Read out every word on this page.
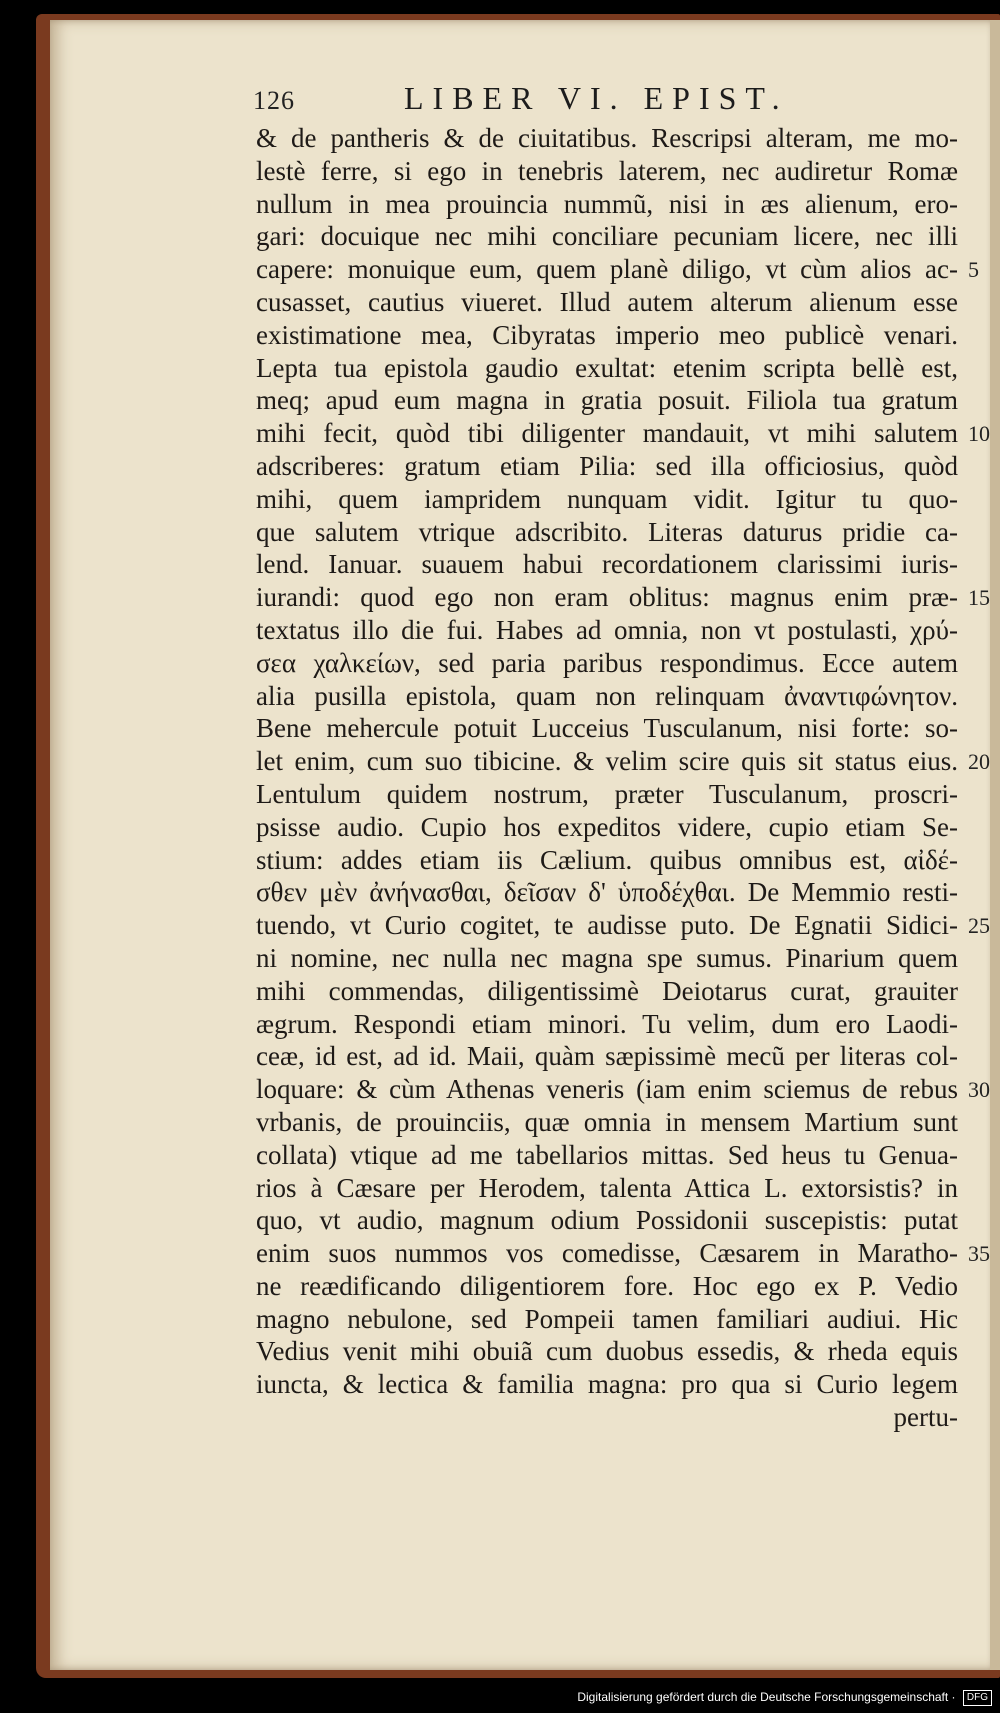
126	LIBER VI. EPIST.
& de pantheris & de ciuitatibus. Rescripsi alteram, me mo-
lestè ferre, si ego in tenebris laterem, nec audiretur Romæ
nullum in mea prouincia nummũ, nisi in æs alienum, ero-
gari: docuique nec mihi conciliare pecuniam licere, nec illi
capere: monuique eum, quem planè diligo, vt cùm alios ac-
cusasset, cautius viueret. Illud autem alterum alienum esse
existimatione mea, Cibyratas imperio meo publicè venari.
Lepta tua epistola gaudio exultat: etenim scripta bellè est,
meq; apud eum magna in gratia posuit. Filiola tua gratum
mihi fecit, quòd tibi diligenter mandauit, vt mihi salutem
adscriberes: gratum etiam Pilia: sed illa officiosius, quòd
mihi, quem iampridem nunquam vidit. Igitur tu quo-
que salutem vtrique adscribito. Literas daturus pridie ca-
lend. Ianuar. suauem habui recordationem clarissimi iuris-
iurandi: quod ego non eram oblitus: magnus enim præ-
textatus illo die fui. Habes ad omnia, non vt postulasti, χρύ-
σεα χαλκείων, sed paria paribus respondimus. Ecce autem
alia pusilla epistola, quam non relinquam ἀναντιφώνητον.
Bene mehercule potuit Lucceius Tusculanum, nisi forte: so-
let enim, cum suo tibicine. & velim scire quis sit status eius.
Lentulum quidem nostrum, præter Tusculanum, proscri-
psisse audio. Cupio hos expeditos videre, cupio etiam Se-
stium: addes etiam iis Cælium. quibus omnibus est, αἰδέ-
σθεν μὲν ἀνήνασθαι, δεῖσαν δ' ὑποδέχθαι. De Memmio resti-
tuendo, vt Curio cogitet, te audisse puto. De Egnatii Sidici-
ni nomine, nec nulla nec magna spe sumus. Pinarium quem
mihi commendas, diligentissimè Deiotarus curat, grauiter
ægrum. Respondi etiam minori. Tu velim, dum ero Laodi-
ceæ, id est, ad id. Maii, quàm sæpissimè mecũ per literas col-
loquare: & cùm Athenas veneris (iam enim sciemus de rebus
vrbanis, de prouinciis, quæ omnia in mensem Martium sunt
collata) vtique ad me tabellarios mittas. Sed heus tu Genua-
rios à Cæsare per Herodem, talenta Attica L. extorsistis? in
quo, vt audio, magnum odium Possidonii suscepistis: putat
enim suos nummos vos comedisse, Cæsarem in Maratho-
ne reædificando diligentiorem fore. Hoc ego ex P. Vedio
magno nebulone, sed Pompeii tamen familiari audiui. Hic
Vedius venit mihi obuiã cum duobus essedis, & rheda equis
iuncta, & lectica & familia magna: pro qua si Curio legem
pertu-
5
10
15
20
25
30
35
Digitalisierung gefördert durch die Deutsche Forschungsgemeinschaft · DFG
